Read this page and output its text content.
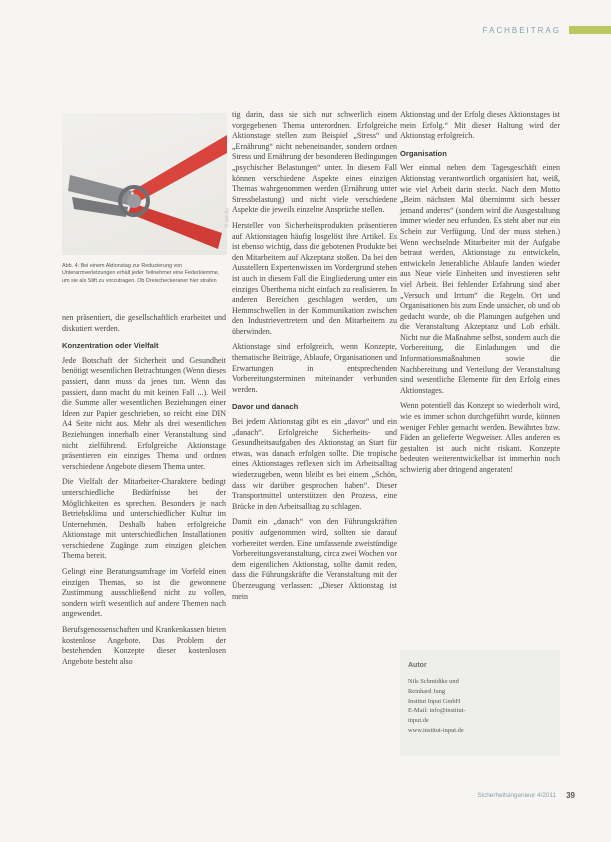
FACHBEITRAG
© sxc.hu

Abb. 4: Bei einem Aktionstag zur Reduzierung von Unterarmverletzungen erhält jeder Teilnehmer eine Federklemme, um sie als Stift zu vorzutragen. Ob Dreischeckeraner hier strafen

nen präsentiert, die gesellschaftlich erarbeitet und diskutiert werden.

Konzentration oder Vielfalt

Jede Botschaft der Sicherheit und Gesundheit benötigt wesentlichen Betrachtungen (Wenn dieses passiert, dann muss da jenes tun. Wenn das passiert, dann macht du mit keinen Fall ...). Weil die Summe aller wesentlichen Beziehungen einer Ideen zur Papier geschrieben, so reicht eine DIN A4 Seite nicht aus. Mehr als drei wesentlichen Beziehungen innerhalb einer Veranstaltung sind nicht zielführend. Erfolgreiche Aktionstage präsentieren ein einziges Thema und ordnen verschiedene Angebote diesem Thema unter.

Die Vielfalt der Mitarbeiter-Charaktere bedingt unterschiedliche Bedürfnisse bei der Möglichkeiten es sprechen. Besonders je nach Betriebsklima und unterschiedlicher Kultur im Unternehmen. Deshalb haben erfolgreiche Aktionstage mit unterschiedlichen Installationen verschiedene Zugänge zum einzigen gleichen Thema bereit.

Gelingt eine Beratungsumfrage im Vorfeld einen einzigen Themas, so ist die gewonnene Zustimmung ausschließend nicht zu vollen, sondern wirft wesentlich auf andere Themen nach angewendet.

Berufsgenossenschaften und Krankenkassen bieten kostenlose Angebote. Das Problem der bestehenden Konzepte dieser kostenlosen Angebote besteht also

tig darin, dass sie sich nur schwerlich einem vorgegebenen Thema unterordnen. Erfolgreiche Aktionstage stellen zum Beispiel „Stress“ und „Ernährung“ nicht nebeneinander, sondern ordnen Stress und Ernährung der besonderen Bedingungen „psychischer Belastungen“ unter. In diesem Fall können verschiedene Aspekte eines einzigen Themas wahrgenommen werden (Ernährung unter Stressbelastung) und nicht viele verschiedene Aspekte die jeweils einzelne Ansprüche stellen.

Hersteller von Sicherheitsprodukten präsentieren auf Aktionstagen häufig losgelöst ihre Artikel. Es ist ebenso wichtig, dass die gebotenen Produkte bei den Mitarbeitern auf Akzeptanz stoßen. Da bei den Ausstellern Expertenwissen im Vordergrund stehen ist auch in diesem Fall die Eingliederung unter ein einziges Überthema nicht einfach zu realisieren. In anderen Bereichen geschlagen werden, um Hemmschwellen in der Kommunikation zwischen den Industrievertretern und den Mitarbeitern zu überwinden.

Aktionstage sind erfolgreich, wenn Konzepte, thematische Beiträge, Ablaufe, Organisationen und Erwartungen in entsprechenden Vorbereitungsterminen miteinander verbunden werden.

Davor und danach

Bei jedem Aktionstag gibt es ein „davor“ und ein „danach“. Erfolgreiche Sicherheits- und Gesundheitsaufgaben des Aktionstag an Start für etwas, was danach erfolgen sollte. Die tropische eines Aktionstages reflexen sich im Arbeitsalltag wiederzugeben, wenn bleibt es bei einem „Schön, dass wir darüber gesprochen haben“. Dieser Transportmittel unterstützen den Prozess, eine Brücke in den Arbeitsalltag zu schlagen.

Damit ein „danach“ von den Führungskräften positiv aufgenommen wird, sollten sie darauf vorbereitet werden. Eine umfassende zweistündige Vorbereitungsveranstaltung, circa zwei Wochen vor dem eigentlichen Aktionstag, sollte damit reden, dass die Führungskräfte die Veranstaltung mit der Überzeugung verlassen: „Dieser Aktionstag ist mein

Aktionstag und der Erfolg dieses Aktionstages ist mein Erfolg.“ Mit dieser Haltung wird der Aktionstag erfolgreich.

Organisation

Wer einmal neben dem Tagesgeschäft einen Aktionstag verantwortlich organisiert hat, weiß, wie viel Arbeit darin steckt. Nach dem Motto „Beim nächsten Mal übernimmt sich besser jemand anderes“ (sondern wird die Ausgestaltung immer wieder neu erfunden. Es steht aber nur ein Schein zur Verfügung. Und der muss stehen.) Wenn wechselnde Mitarbeiter mit der Aufgabe betraut werden, Aktionstage zu entwickeln, entwickeln Jenerabliche Ablaufe landen wieder aus Neue viele Einheiten und investieren sehr viel Arbeit. Bei fehlender Erfahrung sind aber „Versuch und Irrtum“ die Regeln. Ort und Organisationen bis zum Ende unsicher, ob und ob gedacht wurde, ob die Planungen aufgehen und die Veranstaltung Akzeptanz und Lob erhält. Nicht nur die Maßnahme selbst, sondern auch die Vorbereitung, die Einladungen und die Informationsmaßnahmen sowie die Nachbereitung und Verteilung der Veranstaltung sind wesentliche Elemente für den Erfolg eines Aktionstages.

Wenn potentiell das Konzept so wiederholt wird, wie es immer schon durchgeführt wurde, können weniger Fehler gemacht werden. Bewährtes bzw. Fäden an gelieferte Wegweiser. Alles anderen es gestalten ist auch nicht riskant. Konzepte bedeuten weiterentwickelbar ist immerhin noch schwierig aber dringend angeraten!

Autor
Nils Schmidtke und
Reinhard Jung
Institut Input GmbH
E-Mail: info@institut-
input.de
www.institut-input.de
Sicherheitsingenieur 4/2011 39
